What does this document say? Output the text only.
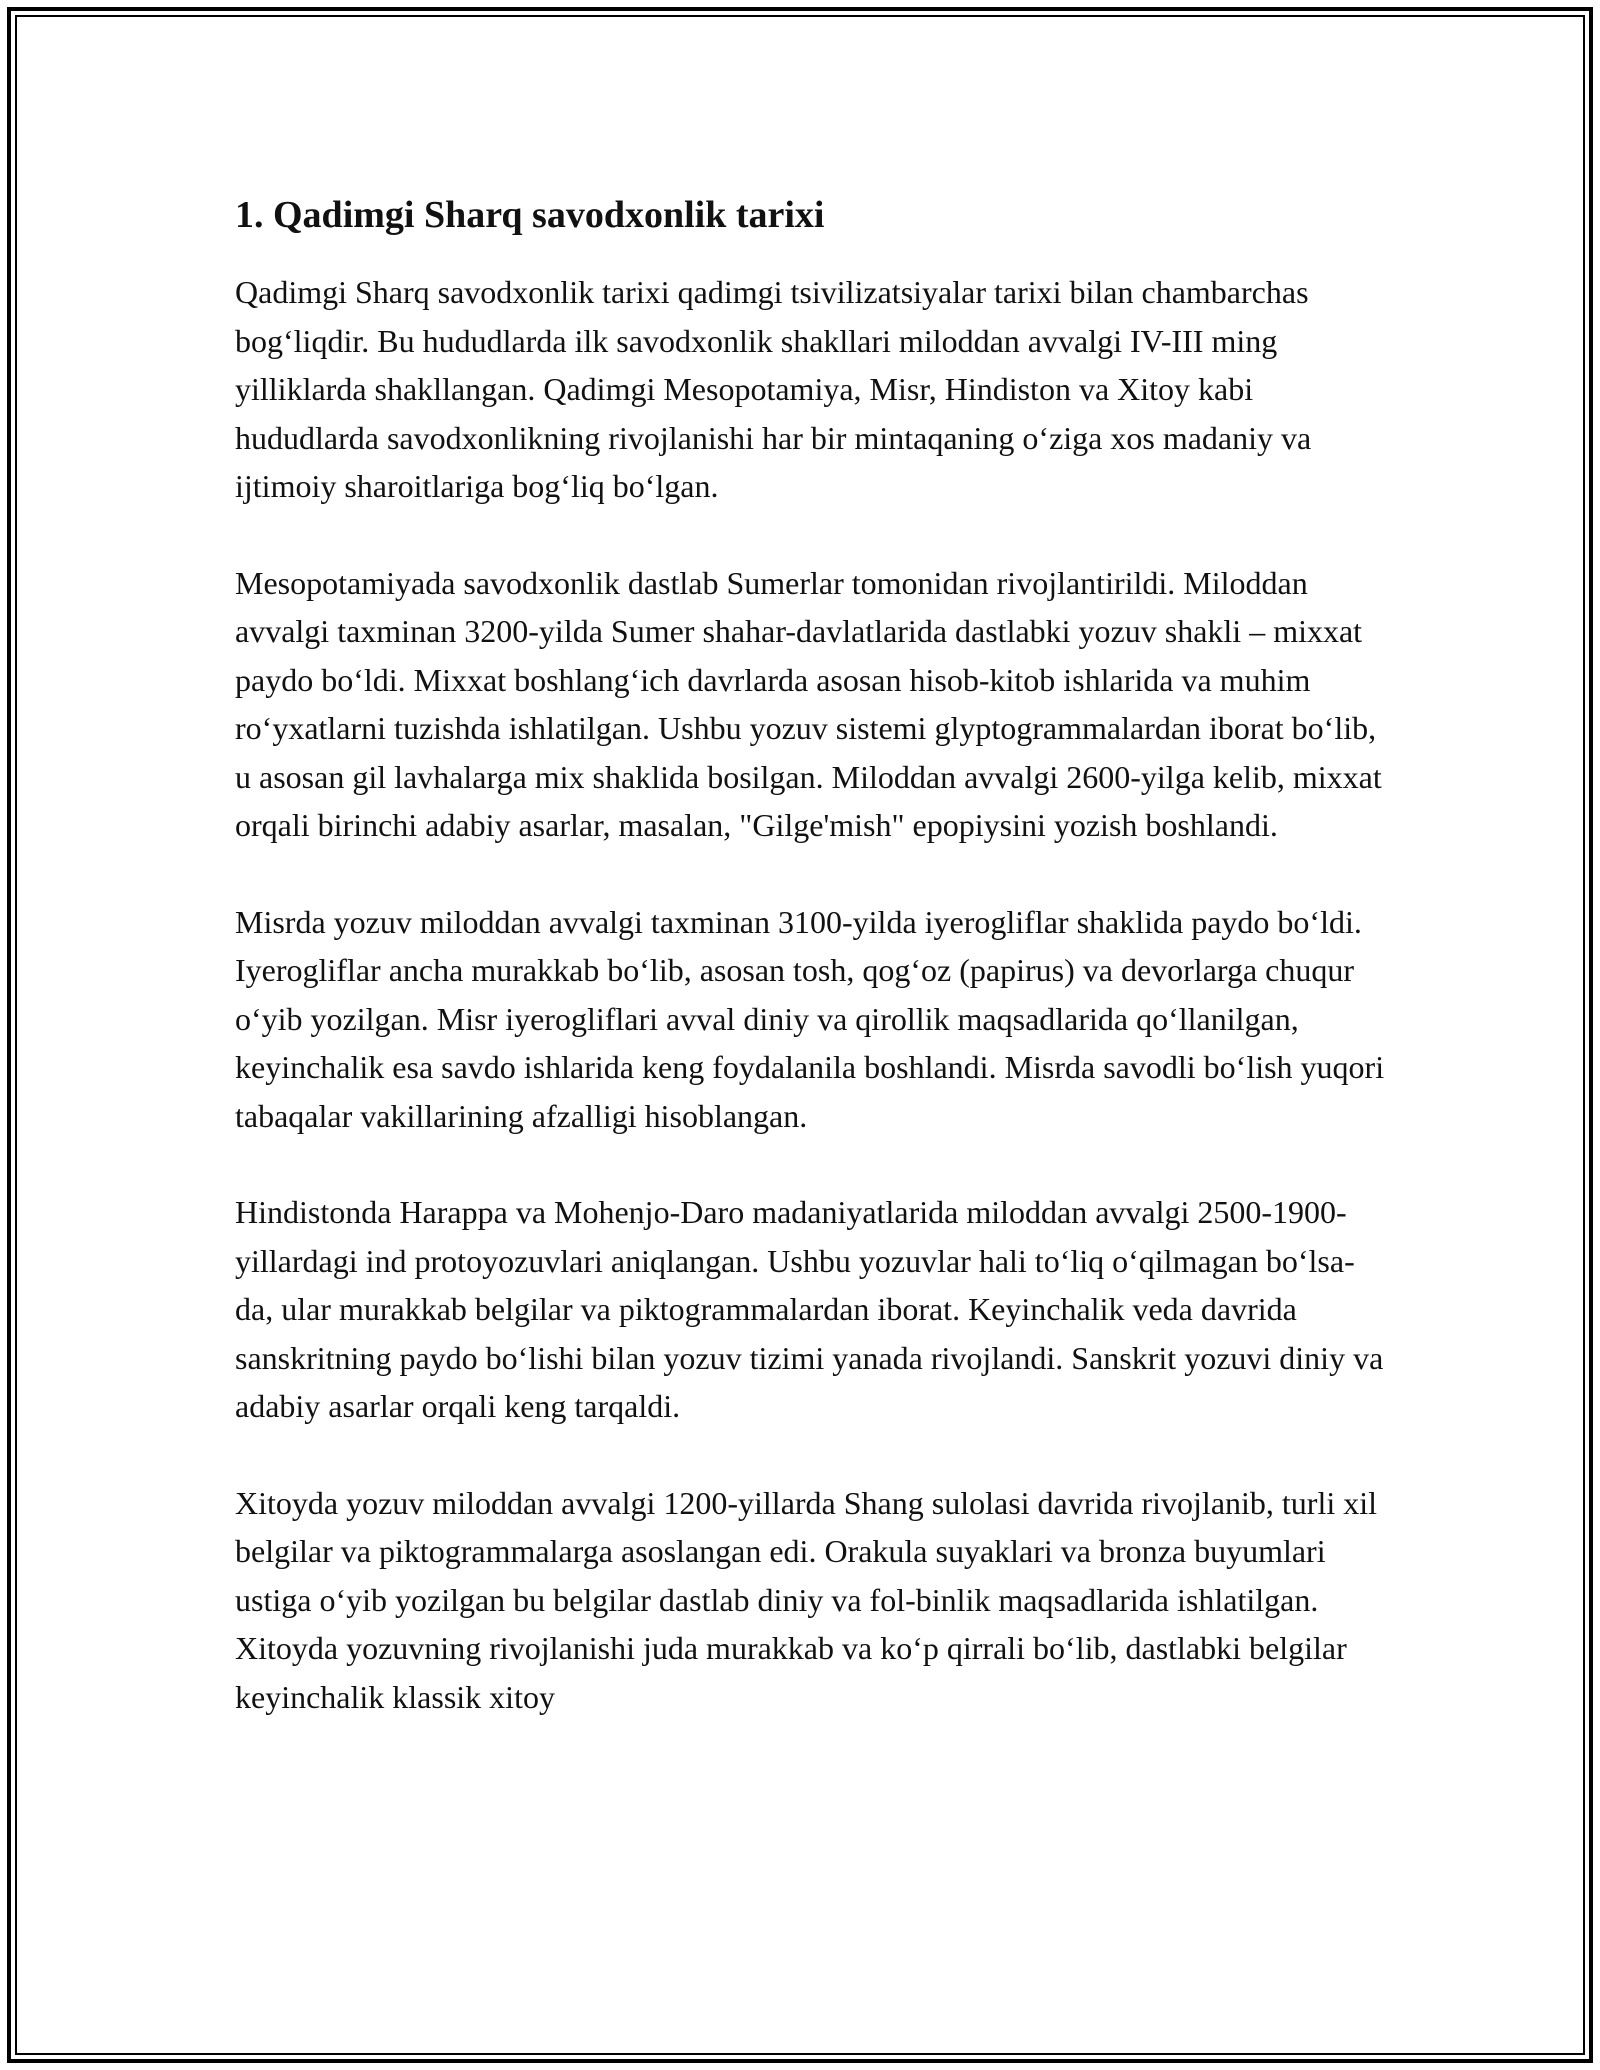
1. Qadimgi Sharq savodxonlik tarixi

Qadimgi Sharq savodxonlik tarixi qadimgi tsivilizatsiyalar tarixi bilan chambarchas bog‘liqdir. Bu hududlarda ilk savodxonlik shakllari miloddan avvalgi IV-III ming yilliklarda shakllangan. Qadimgi Mesopotamiya, Misr, Hindiston va Xitoy kabi hududlarda savodxonlikning rivojlanishi har bir mintaqaning o‘ziga xos madaniy va ijtimoiy sharoitlariga bog‘liq bo‘lgan.

Mesopotamiyada savodxonlik dastlab Sumerlar tomonidan rivojlantirildi. Miloddan avvalgi taxminan 3200-yilda Sumer shahar-davlatlarida dastlabki yozuv shakli – mixxat paydo bo‘ldi. Mixxat boshlang‘ich davrlarda asosan hisob-kitob ishlarida va muhim ro‘yxatlarni tuzishda ishlatilgan. Ushbu yozuv sistemi glyptogrammalardan iborat bo‘lib, u asosan gil lavhalarga mix shaklida bosilgan. Miloddan avvalgi 2600-yilga kelib, mixxat orqali birinchi adabiy asarlar, masalan, "Gilge'mish" epopiysini yozish boshlandi.

Misrda yozuv miloddan avvalgi taxminan 3100-yilda iyerogliflar shaklida paydo bo‘ldi. Iyerogliflar ancha murakkab bo‘lib, asosan tosh, qog‘oz (papirus) va devorlarga chuqur o‘yib yozilgan. Misr iyerogliflari avval diniy va qirollik maqsadlarida qo‘llanilgan, keyinchalik esa savdo ishlarida keng foydalanila boshlandi. Misrda savodli bo‘lish yuqori tabaqalar vakillarining afzalligi hisoblangan.

Hindistonda Harappa va Mohenjo-Daro madaniyatlarida miloddan avvalgi 2500-1900-yillardagi ind protoyozuvlari aniqlangan. Ushbu yozuvlar hali to‘liq o‘qilmagan bo‘lsa-da, ular murakkab belgilar va piktogrammalardan iborat. Keyinchalik veda davrida sanskritning paydo bo‘lishi bilan yozuv tizimi yanada rivojlandi. Sanskrit yozuvi diniy va adabiy asarlar orqali keng tarqaldi.

Xitoyda yozuv miloddan avvalgi 1200-yillarda Shang sulolasi davrida rivojlanib, turli xil belgilar va piktogrammalarga asoslangan edi. Orakula suyaklari va bronza buyumlari ustiga o‘yib yozilgan bu belgilar dastlab diniy va fol-binlik maqsadlarida ishlatilgan. Xitoyda yozuvning rivojlanishi juda murakkab va ko‘p qirrali bo‘lib, dastlabki belgilar keyinchalik klassik xitoy
